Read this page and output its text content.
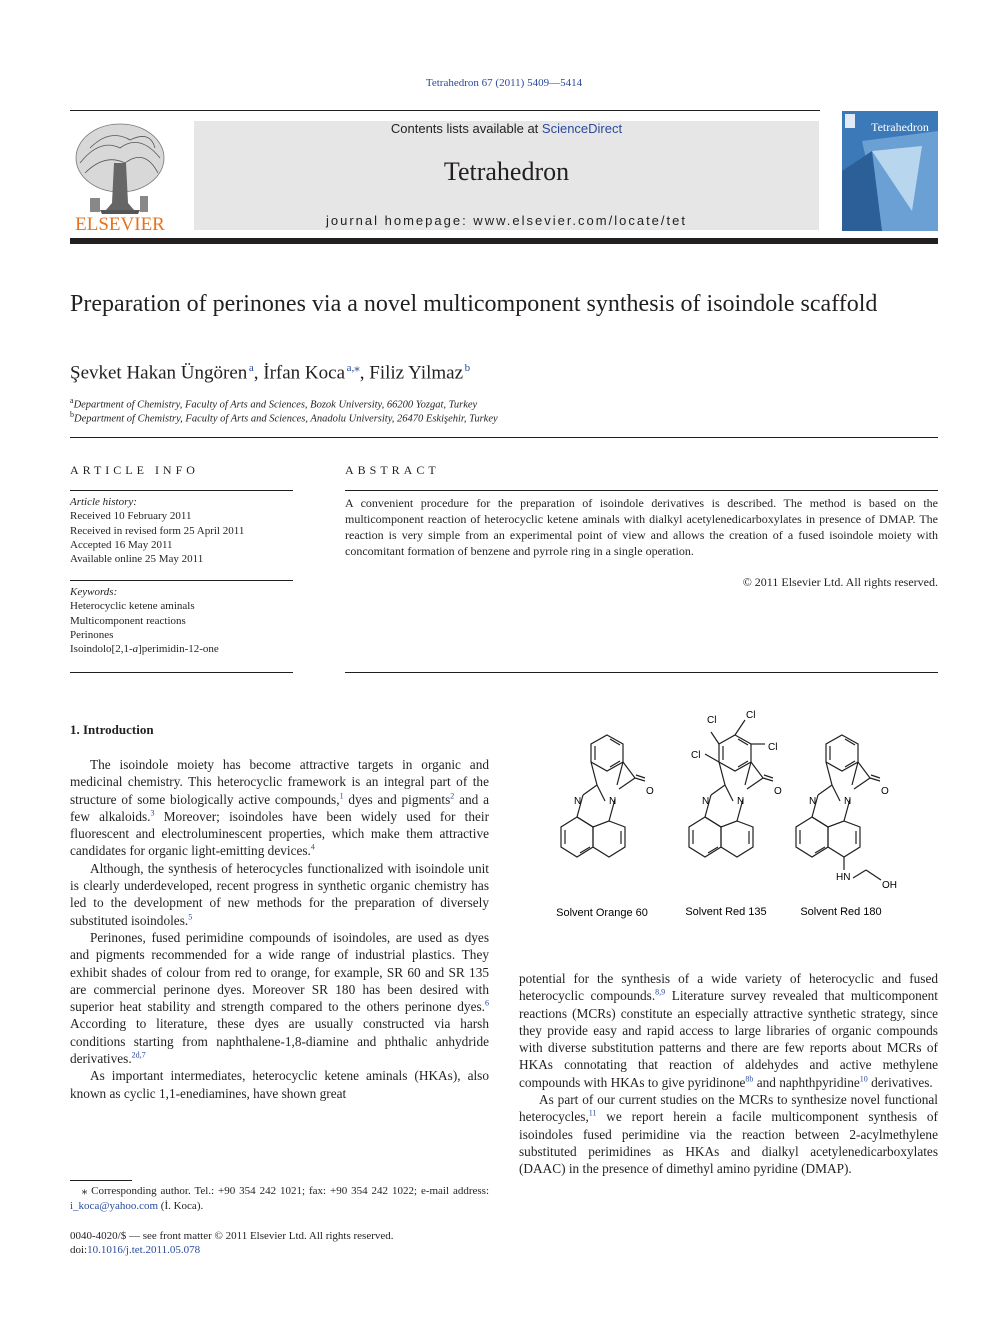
Tetrahedron 67 (2011) 5409—5414
ELSEVIER
Contents lists available at ScienceDirect
Tetrahedron
journal homepage: www.elsevier.com/locate/tet
Tetrahedron
Preparation of perinones via a novel multicomponent synthesis of isoindole scaffold
Şevket Hakan Üngören  $^a$, İrfan Koca  $^{a,⁎}$, Filiz Yilmaz  $^b$
$^a$Department of Chemistry, Faculty of Arts and Sciences, Bozok University, 66200 Yozgat, Turkey
$^b$Department of Chemistry, Faculty of Arts and Sciences, Anadolu University, 26470 Eskişehir, Turkey
ARTICLE INFO	ABSTRACT
Article history:
Received 10 February 2011
Received in revised form 25 April 2011
Accepted 16 May 2011
Available online 25 May 2011
Keywords:
Heterocyclic ketene aminals
Multicomponent reactions
Perinones
Isoindolo[2,1-a]perimidin-12-one
A convenient procedure for the preparation of isoindole derivatives is described. The method is based on the multicomponent reaction of heterocyclic ketene aminals with dialkyl acetylenedicarboxylates in presence of DMAP. The reaction is very simple from an experimental point of view and allows the creation of a fused isoindole moiety with concomitant formation of benzene and pyrrole ring in a single operation.
© 2011 Elsevier Ltd. All rights reserved.
1. Introduction

The isoindole moiety has become attractive targets in organic and medicinal chemistry. This heterocyclic framework is an integral part of the structure of some biologically active compounds,$^1$ dyes and pigments$^2$ and a few alkaloids.$^3$ Moreover; isoindoles have been widely used for their fluorescent and electroluminescent properties, which make them attractive candidates for organic light-emitting devices.$^4$

Although, the synthesis of heterocycles functionalized with isoindole unit is clearly underdeveloped, recent progress in synthetic organic chemistry has led to the development of new methods for the preparation of diversely substituted isoindoles.$^5$

Perinones, fused perimidine compounds of isoindoles, are used as dyes and pigments recommended for a wide range of industrial plastics. They exhibit shades of colour from red to orange, for example, SR 60 and SR 135 are commercial perinone dyes. Moreover SR 180 has been desired with superior heat stability and strength compared to the others perinone dyes.$^6$ According to literature, these dyes are usually constructed via harsh conditions starting from naphthalene-1,8-diamine and phthalic anhydride derivatives.$^{2d,7}$

As important intermediates, heterocyclic ketene aminals (HKAs), also known as cyclic 1,1-enediamines, have shown great

O
N	N
Cl	Cl
Cl
Cl
O
N	N
HN
OH
O
N	N
Solvent Orange 60	Solvent Red 135	Solvent Red 180

potential for the synthesis of a wide variety of heterocyclic and fused heterocyclic compounds.$^{8,9}$ Literature survey revealed that multicomponent reactions (MCRs) constitute an especially attractive synthetic strategy, since they provide easy and rapid access to large libraries of organic compounds with diverse substitution patterns and there are few reports about MCRs of HKAs connotating that reaction of aldehydes and active methylene compounds with HKAs to give pyridinone$^{8b}$ and naphthpyridine$^{10}$ derivatives.

As part of our current studies on the MCRs to synthesize novel functional heterocycles,$^{11}$ we report herein a facile multicomponent synthesis of isoindoles fused perimidine via the reaction between 2-acylmethylene substituted perimidines as HKAs and dialkyl acetylenedicarboxylates (DAAC) in the presence of dimethyl amino pyridine (DMAP).

⁎ Corresponding author. Tel.: +90 354 242 1021; fax: +90 354 242 1022; e-mail address: i_koca@yahoo.com (İ. Koca).
0040-4020/$ — see front matter © 2011 Elsevier Ltd. All rights reserved.
doi:10.1016/j.tet.2011.05.078
